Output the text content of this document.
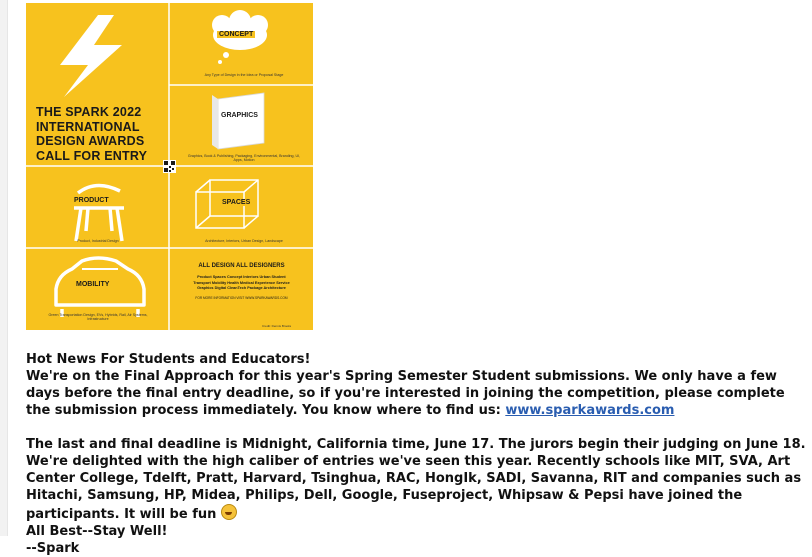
THE SPARK 2022
INTERNATIONAL
DESIGN AWARDS
CALL FOR ENTRY
CONCEPT
Any Type of Design in the Idea or Proposal Stage
GRAPHICS
Graphics, Book & Publishing, Packaging, Environmental, Branding, UI, Apps, Motion
PRODUCT
Product, Industrial Design
SPACES
Architecture, Interiors, Urban Design, Landscape
MOBILITY
Green Transportation Design, EVs, Hybrids, Rail, Air Systems, Infrastructure
ALL DESIGN ALL DESIGNERS
Product Spaces Concept Interiors Urban Student
Transport Mobility Health Medical Experience Service
Graphics Digital CleanTech Package Architecture
FOR MORE INFORMATION VISIT WWW.SPARKAWARDS.COM
Credit: Dennis Brooks

Hot News For Students and Educators!

We're on the Final Approach for this year's Spring Semester Student submissions. We only have a few days before the final entry deadline, so if you're interested in joining the competition, please complete the submission process immediately. You know where to find us: www.sparkawards.com

The last and final deadline is Midnight, California time, June 17. The jurors begin their judging on June 18.

We're delighted with the high caliber of entries we've seen this year. Recently schools like MIT, SVA, Art Center College, Tdelft, Pratt, Harvard, Tsinghua, RAC, HongIk, SADI, Savanna, RIT and companies such as Hitachi, Samsung, HP, Midea, Philips, Dell, Google, Fuseproject, Whipsaw & Pepsi have joined the participants. It will be fun

All Best--Stay Well!

--Spark
